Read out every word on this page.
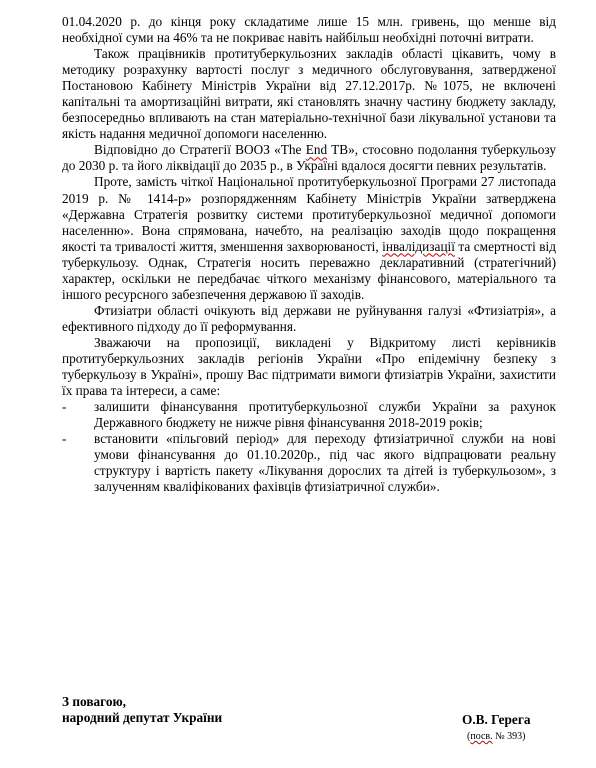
01.04.2020 р. до кінця року складатиме лише 15 млн. гривень, що менше від необхідної суми на 46% та не покриває навіть найбільш необхідні поточні витрати.

Також працівників протитуберкульозних закладів області цікавить, чому в методику розрахунку вартості послуг з медичного обслуговування, затвердженої Постановою Кабінету Міністрів України від 27.12.2017р. №1075, не включені капітальні та амортизаційні витрати, які становлять значну частину бюджету закладу, безпосередньо впливають на стан матеріально-технічної бази лікувальної установи та якість надання медичної допомоги населенню.

Відповідно до Стратегії ВООЗ «The End TB», стосовно подолання туберкульозу до 2030 р. та його ліквідації до 2035 р., в Україні вдалося досягти певних результатів.

Проте, замість чіткої Національної протитуберкульозної Програми 27 листопада 2019 р. № 1414-р» розпорядженням Кабінету Міністрів України затверджена «Державна Стратегія розвитку системи протитуберкульозної медичної допомоги населенню». Вона спрямована, начебто, на реалізацію заходів щодо покращення якості та тривалості життя, зменшення захворюваності, інвалідизації та смертності від туберкульозу. Однак, Стратегія носить переважно декларативний (стратегічний) характер, оскільки не передбачає чіткого механізму фінансового, матеріального та іншого ресурсного забезпечення державою її заходів.

Фтизіатри області очікують від держави не руйнування галузі «Фтизіатрія», а ефективного підходу до її реформування.

Зважаючи на пропозиції, викладені у Відкритому листі керівників протитуберкульозних закладів регіонів України «Про епідемічну безпеку з туберкульозу в Україні», прошу Вас підтримати вимоги фтизіатрів України, захистити їх права та інтереси, а саме:

- залишити фінансування протитуберкульозної служби України за рахунок Державного бюджету не нижче рівня фінансування 2018-2019 років;
- встановити «пільговий період» для переходу фтизіатричної служби на нові умови фінансування до 01.10.2020р., під час якого відпрацювати реальну структуру і вартість пакету «Лікування дорослих та дітей із туберкульозом», з залученням кваліфікованих фахівців фтизіатричної служби».
З повагою,
народний депутат України	О.В. Герега
(посв. № 393)
